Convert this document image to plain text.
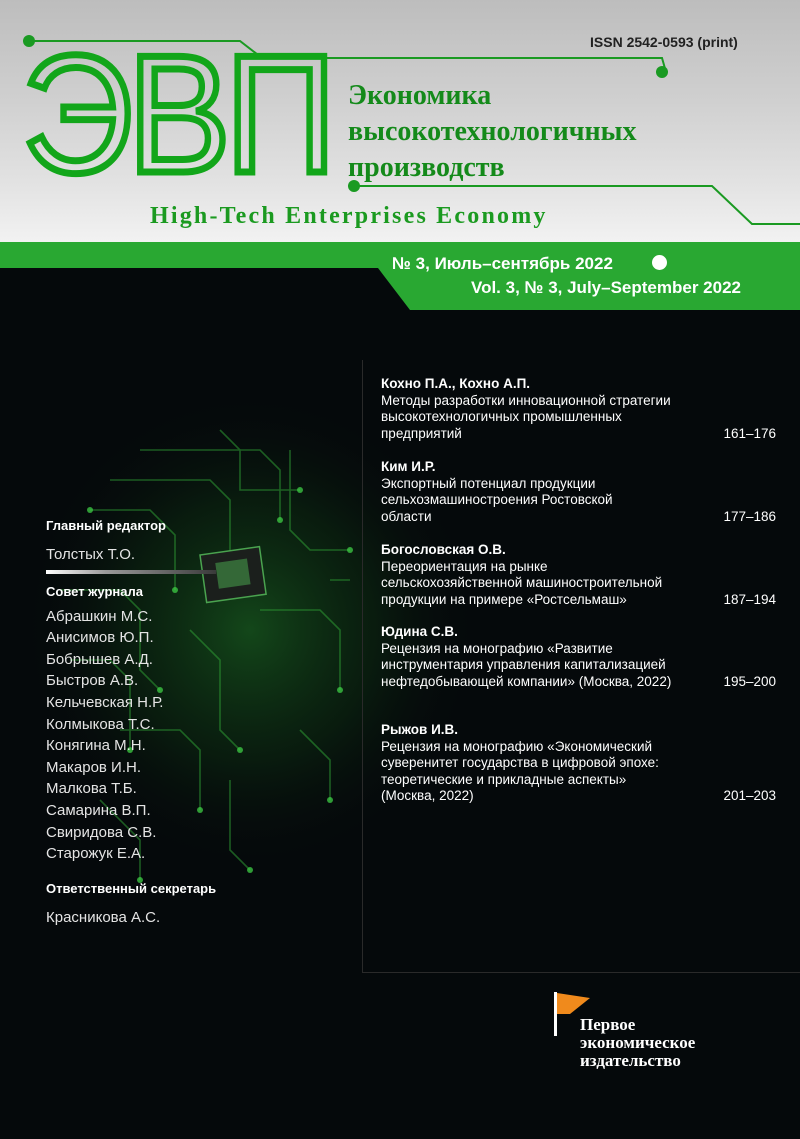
ISSN 2542-0593 (print)
ЭВП Экономика высокотехнологичных производств
High-Tech Enterprises Economy
№ 3, Июль–сентябрь 2022
Vol. 3, № 3, July–September 2022
Кохно П.А., Кохно А.П.
Методы разработки инновационной стратегии высокотехнологичных промышленных предприятий	161–176
Ким И.Р.
Экспортный потенциал продукции сельхозмашиностроения Ростовской области	177–186
Богословская О.В.
Переориентация на рынке сельскохозяйственной машиностроительной продукции на примере «Ростсельмаш»	187–194
Юдина С.В.
Рецензия на монографию «Развитие инструментария управления капитализацией нефтедобывающей компании» (Москва, 2022)	195–200
Рыжов И.В.
Рецензия на монографию «Экономический суверенитет государства в цифровой эпохе: теоретические и прикладные аспекты» (Москва, 2022)	201–203
Главный редактор
Толстых Т.О.
Совет журнала
Абрашкин М.С.
Анисимов Ю.П.
Бобрышев А.Д.
Быстров А.В.
Кельчевская Н.Р.
Колмыкова Т.С.
Конягина М.Н.
Макаров И.Н.
Малкова Т.Б.
Самарина В.П.
Свиридова С.В.
Старожук Е.А.
Ответственный секретарь
Красникова А.С.
Первое
экономическое
издательство
